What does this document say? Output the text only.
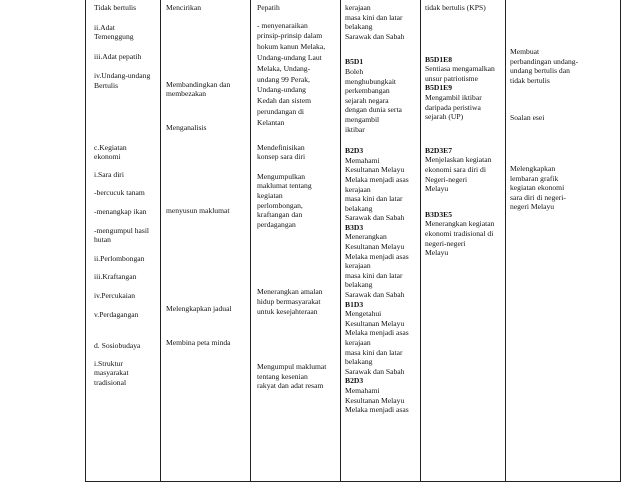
Tidak bertulis

ii.Adat
Temenggung

iii.Adat pepatih

iv.Undang-undang
Bertulis

c.Kegiatan
ekonomi

i.Sara diri

-bercucuk tanam

-menangkap ikan

-mengumpul hasil
hutan

ii.Perlombongan

iii.Kraftangan

iv.Percukaian

v.Perdagangan

d. Sosiobudaya

i.Struktur
masyarakat
tradisional

Mencirikan

Membandingkan dan
membezakan

Menganalisis

menyusun maklumat

Melengkapkan jadual

Membina peta minda

Pepatih

- menyenaraikan
prinsip-prinsip dalam
hokum kanun Melaka,
Undang-undang Laut
Melaka, Undang-
undang 99 Perak,
Undang-undang
Kedah dan sistem
perundangan di
Kelantan

Mendefinisikan
konsep sara diri

Mengumpulkan
maklumat tentang
kegiatan
perlombongan,
kraftangan dan
perdagangan

Menerangkan amalan
hidup bermasyarakat
untuk kesejahteraan

Mengumpul maklumat
tentang kesenian
rakyat dan adat resam

kerajaan
masa kini dan latar
belakang
Sarawak dan Sabah

B5D1

Boleh
menghubungkait
perkembangan
sejarah negara
dengan dunia serta
mengambil
iktibar

B2D3

Memahami
Kesultanan Melayu
Melaka menjadi asas
kerajaan
masa kini dan latar
belakang
Sarawak dan Sabah

B3D3

Menerangkan
Kesultanan Melayu
Melaka menjadi asas
kerajaan
masa kini dan latar
belakang
Sarawak dan Sabah

B1D3

Mengetahui
Kesultanan Melayu
Melaka menjadi asas
kerajaan
masa kini dan latar
belakang
Sarawak dan Sabah

B2D3

Memahami
Kesultanan Melayu
Melaka menjadi asas

tidak bertulis (KPS)

B5D1E8

Sentiasa mengamalkan
unsur patriotisme

B5D1E9

Mengambil iktibar
daripada peristiwa
sejarah (UP)

B2D3E7

Menjelaskan kegiatan
ekonomi sara diri di
Negeri-negeri
Melayu

B3D3E5

Menerangkan kegiatan
ekonomi tradisional di
negeri-negeri
Melayu

Membuat
perbandingan undang-
undang bertulis dan
tidak bertulis

Soalan esei

Melengkapkan
lembaran grafik
kegiatan ekonomi
sara diri di negeri-
negeri Melayu
